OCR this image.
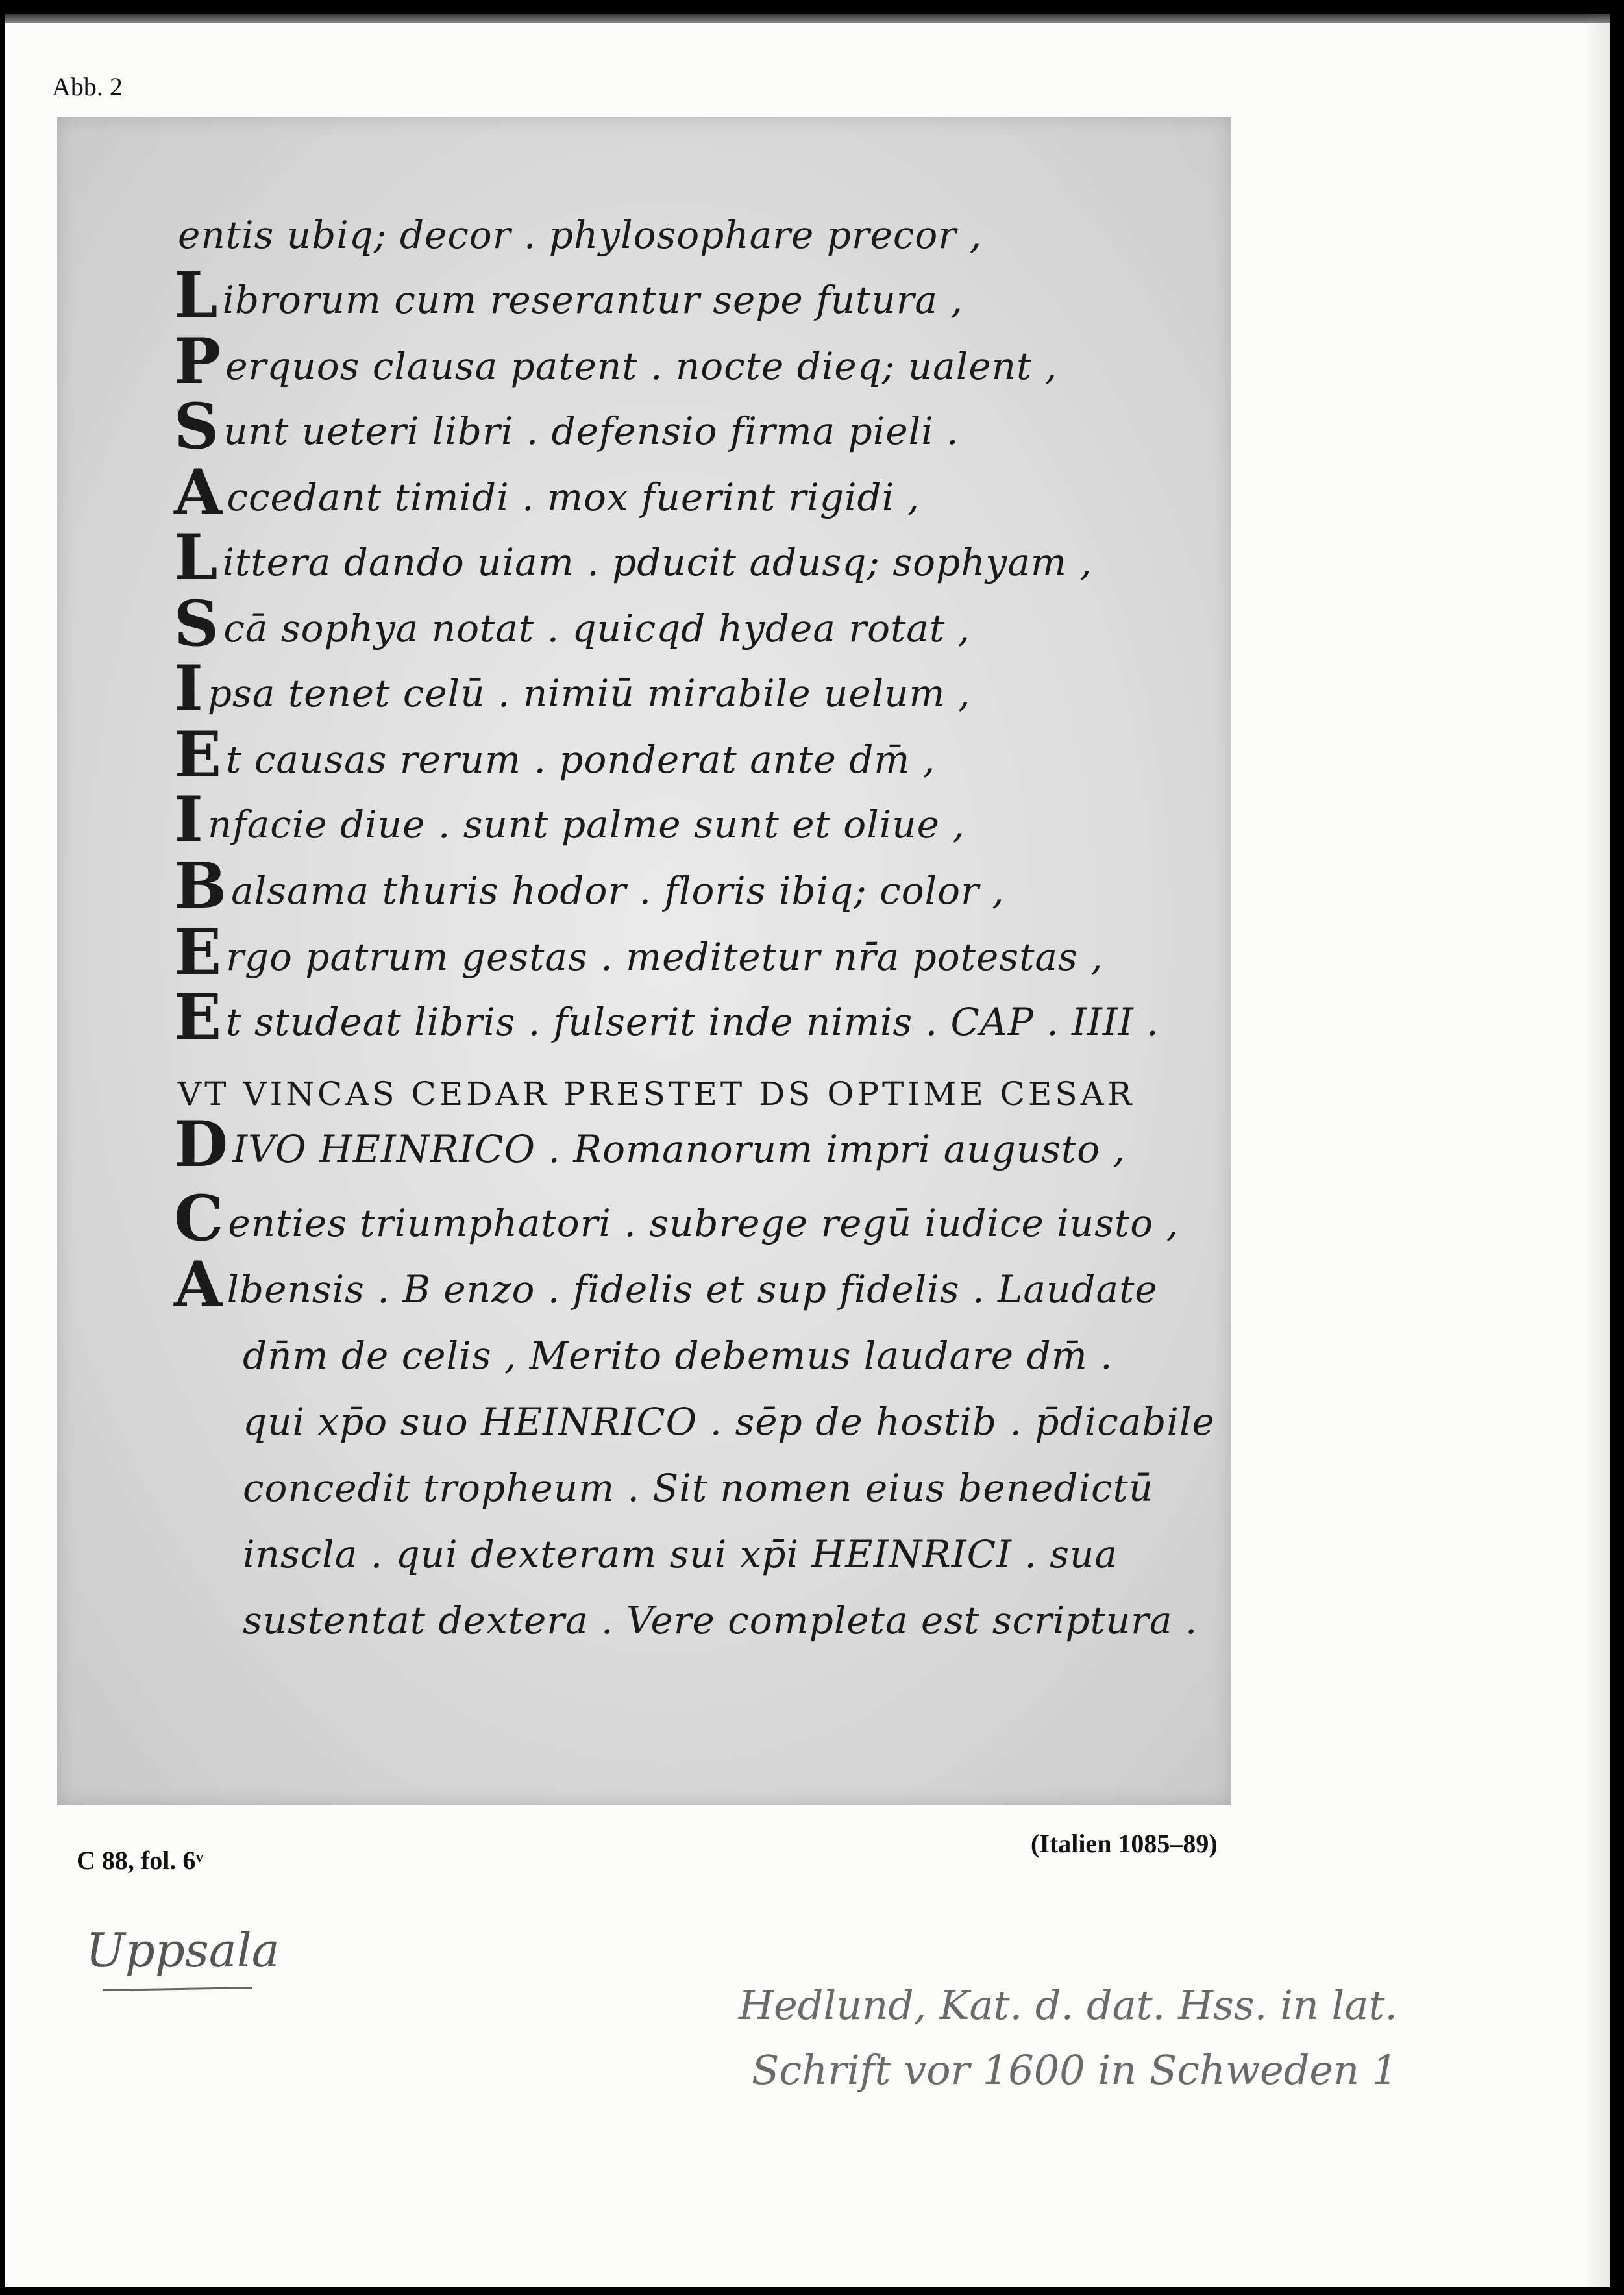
Abb. 2
entis ubiq; decor . phylosophare precor ,
Librorum cum reserantur sepe futura ,
Perquos clausa patent . nocte dieq; ualent ,
Sunt ueteri libri . defensio firma pieli .
Accedant timidi . mox fuerint rigidi ,
Littera dando uiam . pducit adusq; sophyam ,
Scā sophya notat . quicqd hydea rotat ,
Ipsa tenet celū . nimiū mirabile uelum ,
Et causas rerum . ponderat ante dm̄ ,
Infacie diue . sunt palme sunt et oliue ,
Balsama thuris hodor . floris ibiq; color ,
Ergo patrum gestas . meditetur nr̄a potestas ,
Et studeat libris . fulserit inde nimis . CAP . IIII .
VT VINCAS CEDAR PRESTET DS OPTIME CESAR
DIVO HEINRICO . Romanorum impri augusto ,
Centies triumphatori . subrege regū iudice iusto ,
Albensis . B enzo . fidelis et sup fidelis . Laudate
dn̄m de celis , Merito debemus laudare dm̄ .
qui xp̄o suo HEINRICO . sēp de hostib . p̄dicabile
concedit tropheum . Sit nomen eius benedictū
inscla . qui dexteram sui xp̄i HEINRICI . sua
sustentat dextera . Vere completa est scriptura .
C 88, fol. 6ᵛ
(Italien 1085–89)
Uppsala
Hedlund, Kat. d. dat. Hss. in lat.
Schrift vor 1600 in Schweden 1
